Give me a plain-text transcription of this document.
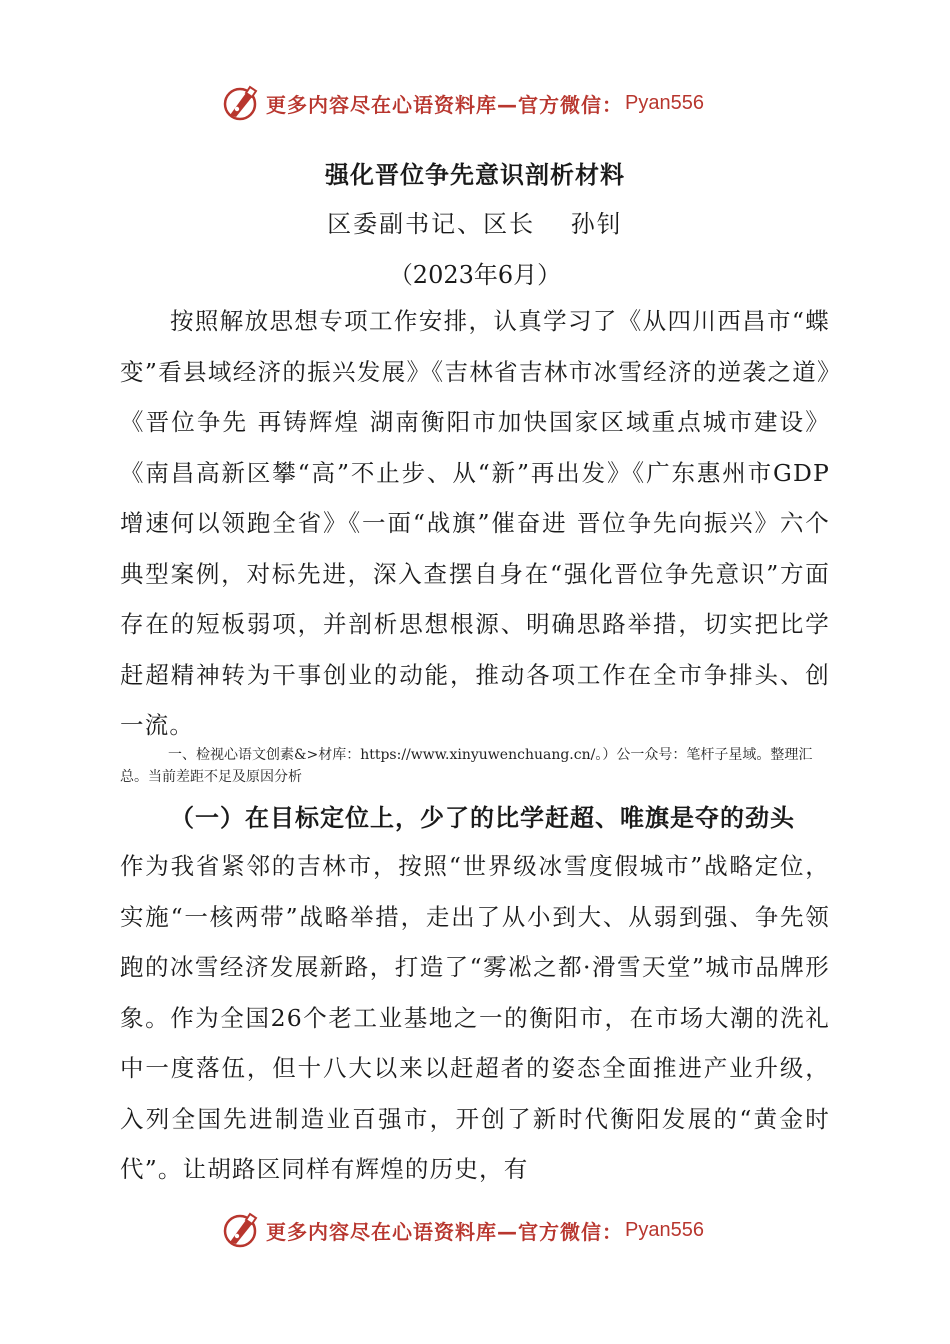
更多内容尽在心语资料库—官方微信： Pyan556
强化晋位争先意识剖析材料
区委副书记、区长　 孙钊
（2023年6月）

按照解放思想专项工作安排，认真学习了《从四川西昌市“蝶变”看县域经济的振兴发展》《吉林省吉林市冰雪经济的逆袭之道》《晋位争先 再铸辉煌 湖南衡阳市加快国家区域重点城市建设》《南昌高新区攀“高”不止步、从“新”再出发》《广东惠州市GDP增速何以领跑全省》《一面“战旗”催奋进 晋位争先向振兴》六个典型案例，对标先进，深入查摆自身在“强化晋位争先意识”方面存在的短板弱项，并剖析思想根源、明确思路举措，切实把比学赶超精神转为干事创业的动能，推动各项工作在全市争排头、创一流。

一、检视心语文创素&>材库：https://www.xinyuwenchuang.cn/。）公一众号：笔杆子星域。整理汇总。当前差距不足及原因分析

（一）在目标定位上，少了的比学赶超、唯旗是夺的劲头

作为我省紧邻的吉林市，按照“世界级冰雪度假城市”战略定位，实施“一核两带”战略举措，走出了从小到大、从弱到强、争先领跑的冰雪经济发展新路，打造了“雾凇之都·滑雪天堂”城市品牌形象。作为全国26个老工业基地之一的衡阳市，在市场大潮的洗礼中一度落伍，但十八大以来以赶超者的姿态全面推进产业升级，入列全国先进制造业百强市，开创了新时代衡阳发展的“黄金时代”。让胡路区同样有辉煌的历史，有

更多内容尽在心语资料库—官方微信： Pyan556
